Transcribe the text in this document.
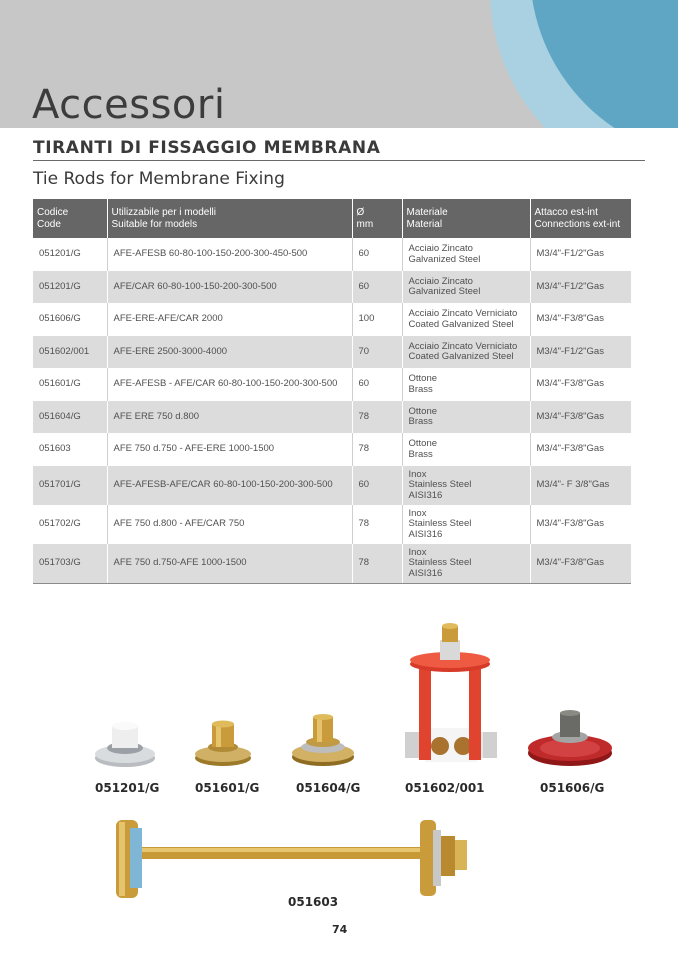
Accessori
TIRANTI DI FISSAGGIO MEMBRANA
Tie Rods for Membrane Fixing
Codice
Code	Utilizzabile per i modelli
Suitable for models	Ø
mm	Materiale
Material	Attacco est-int
Connections ext-int
051201/G	AFE-AFESB 60-80-100-150-200-300-450-500	60	Acciaio Zincato
Galvanized Steel	M3/4"-F1/2"Gas
051201/G	AFE/CAR 60-80-100-150-200-300-500	60	Acciaio Zincato
Galvanized Steel	M3/4"-F1/2"Gas
051606/G	AFE-ERE-AFE/CAR 2000	100	Acciaio Zincato Verniciato
Coated Galvanized Steel	M3/4"-F3/8"Gas
051602/001	AFE-ERE 2500-3000-4000	70	Acciaio Zincato Verniciato
Coated Galvanized Steel	M3/4"-F1/2"Gas
051601/G	AFE-AFESB - AFE/CAR 60-80-100-150-200-300-500	60	Ottone
Brass	M3/4"-F3/8"Gas
051604/G	AFE ERE 750 d.800	78	Ottone
Brass	M3/4"-F3/8"Gas
051603	AFE 750 d.750 - AFE-ERE 1000-1500	78	Ottone
Brass	M3/4"-F3/8"Gas
051701/G	AFE-AFESB-AFE/CAR 60-80-100-150-200-300-500	60	Inox
Stainless Steel
AISI316	M3/4"- F 3/8"Gas
051702/G	AFE 750 d.800 - AFE/CAR 750	78	Inox
Stainless Steel
AISI316	M3/4"-F3/8"Gas
051703/G	AFE 750 d.750-AFE 1000-1500	78	Inox
Stainless Steel
AISI316	M3/4"-F3/8"Gas
051201/G	051601/G	051604/G	051602/001	051606/G
051603
74
